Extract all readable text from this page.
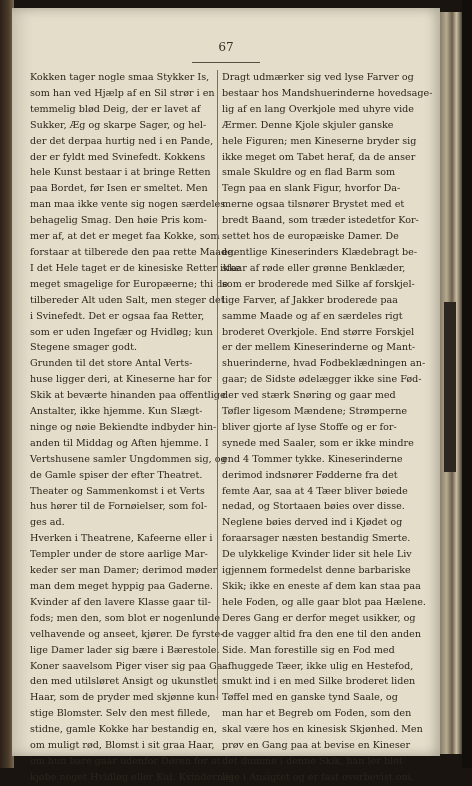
67
Kokken tager nogle smaa Stykker Is,
som han ved Hjælp af en Sil strør i en
temmelig blød Deig, der er lavet af
Sukker, Æg og skarpe Sager, og hel-
der det derpaa hurtig ned i en Pande,
der er fyldt med Svinefedt. Kokkens
hele Kunst bestaar i at bringe Retten
paa Bordet, før Isen er smeltet. Men
man maa ikke vente sig nogen særdeles
behagelig Smag. Den høie Pris kom-
mer af, at det er meget faa Kokke, som
forstaar at tilberede den paa rette Maade.
I det Hele taget er de kinesiske Retter ikke
meget smagelige for Europæerne; thi de
tilbereder Alt uden Salt, men steger det
i Svinefedt. Det er ogsaa faa Retter,
som er uden Ingefær og Hvidløg; kun
Stegene smager godt.
Grunden til det store Antal Verts-
huse ligger deri, at Kineserne har for
Skik at beværte hinanden paa offentlige
Anstalter, ikke hjemme. Kun Slægt-
ninge og nøie Bekiendte indbyder hin-
anden til Middag og Aften hjemme. I
Vertshusene samler Ungdommen sig, og
de Gamle spiser der efter Theatret.
Theater og Sammenkomst i et Verts
hus hører til de Fornøielser, som fol-
ges ad.
Hverken i Theatrene, Kafeerne eller i
Templer under de store aarlige Mar-
keder ser man Damer; derimod møder
man dem meget hyppig paa Gaderne.
Kvinder af den lavere Klasse gaar til-
fods; men den, som blot er nogenlunde
velhavende og anseet, kjører. De fyrstе-
lige Damer lader sig bære i Bærestole.
Koner saavelsom Piger viser sig paa Ga-
den med utilsløret Ansigt og ukunstlet
Haar, som de pryder med skjønne kun-
stige Blomster. Selv den mest fillede,
stidne, gamle Kokke har bestandig en,
om muligt rød, Blomst i sit graa Haar,
om hun bare gaar udenfor Døren for at
kjøbe noget Hvidløg eller Kul. Kvindernes
Dragt udmærker sig ved lyse Farver og
bestaar hos Mandshuerinderne hovedsage-
lig af en lang Overkjole med uhyre vide
Ærmer. Denne Kjole skjuler ganske
hele Figuren; men Kineserne bryder sig
ikke meget om Tabet heraf, da de anser
smale Skuldre og en flad Barm som
Tegn paa en slank Figur, hvorfor Da-
merne ogsaa tilsnører Brystet med et
bredt Baand, som træder istedetfor Kor-
settet hos de europæiske Damer. De
egentlige Kineserinders Klædebragt be-
staar af røde eller grønne Benklæder,
som er broderede med Silke af forskjel-
lige Farver, af Jakker broderede paa
samme Maade og af en særdeles rigt
broderet Overkjole. End større Forskjel
er der mellem Kineserinderne og Mant-
shuerinderne, hvad Fodbeklædningen an-
gaar; de Sidste ødelægger ikke sine Fød-
der ved stærk Snøring og gaar med
Tøfler ligesom Mændene; Strømperne
bliver gjorte af lyse Stoffe og er for-
synede med Saaler, som er ikke mindre
end 4 Tommer tykke. Kineserinderne
derimod indsnører Fødderne fra det
femte Aar, saa at 4 Tæer bliver bøiede
nedad, og Stortaaen bøies over disse.
Neglene bøies derved ind i Kjødet og
foraarsager næsten bestandig Smerte.
De ulykkelige Kvinder lider sit hele Liv
igjennem formedelst denne barbariske
Skik; ikke en eneste af dem kan staa paa
hele Foden, og alle gaar blot paa Hælene.
Deres Gang er derfor meget usikker, og
de vagger altid fra den ene til den anden
Side. Man forestille sig en Fod med
afhuggede Tæer, ikke ulig en Hestefod,
smukt ind i en med Silke broderet liden
Tøffel med en ganske tynd Saale, og
man har et Begreb om Foden, som den
skal være hos en kinesisk Skjønhed. Men
prøv en Gang paa at bevise en Kineser
det dumme i denne Skik, han ler blot
lige i Ansigtet og er fast overbevist om,
